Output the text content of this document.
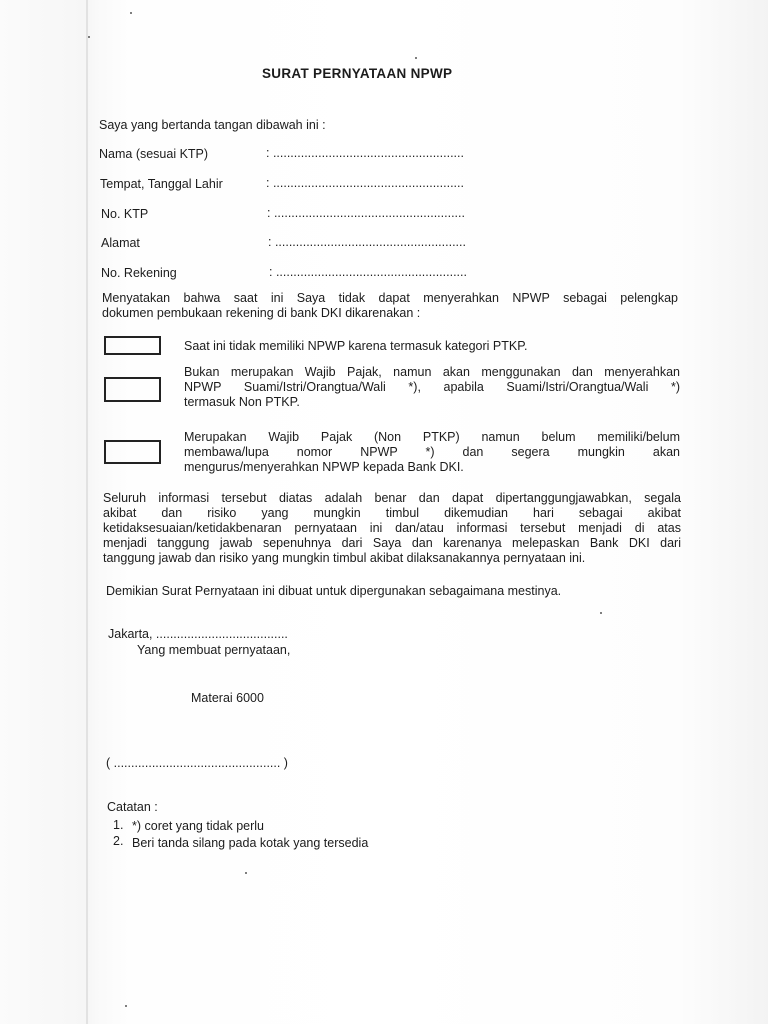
SURAT PERNYATAAN NPWP
Saya yang bertanda tangan dibawah ini :
Nama (sesuai KTP)	: .......................................................
Tempat, Tanggal Lahir	: .......................................................
No. KTP	: .......................................................
Alamat	: .......................................................
No. Rekening	: .......................................................
Menyatakan bahwa saat ini Saya tidak dapat menyerahkan NPWP sebagai pelengkap
dokumen pembukaan rekening di bank DKI dikarenakan :
Saat ini tidak memiliki NPWP karena termasuk kategori PTKP.
Bukan merupakan Wajib Pajak, namun akan menggunakan dan menyerahkan
NPWP Suami/Istri/Orangtua/Wali *), apabila Suami/Istri/Orangtua/Wali *)
termasuk Non PTKP.
Merupakan Wajib Pajak (Non PTKP) namun belum memiliki/belum
membawa/lupa nomor NPWP *) dan segera mungkin akan
mengurus/menyerahkan NPWP kepada Bank DKI.
Seluruh informasi tersebut diatas adalah benar dan dapat dipertanggungjawabkan, segala
akibat dan risiko yang mungkin timbul dikemudian hari sebagai akibat
ketidaksesuaian/ketidakbenaran pernyataan ini dan/atau informasi tersebut menjadi di atas
menjadi tanggung jawab sepenuhnya dari Saya dan karenanya melepaskan Bank DKI dari
tanggung jawab dan risiko yang mungkin timbul akibat dilaksanakannya pernyataan ini.
Demikian Surat Pernyataan ini dibuat untuk dipergunakan sebagaimana mestinya.
Jakarta, ......................................
Yang membuat pernyataan,
Materai 6000
( ................................................ )
Catatan :
1. *) coret yang tidak perlu
2. Beri tanda silang pada kotak yang tersedia
